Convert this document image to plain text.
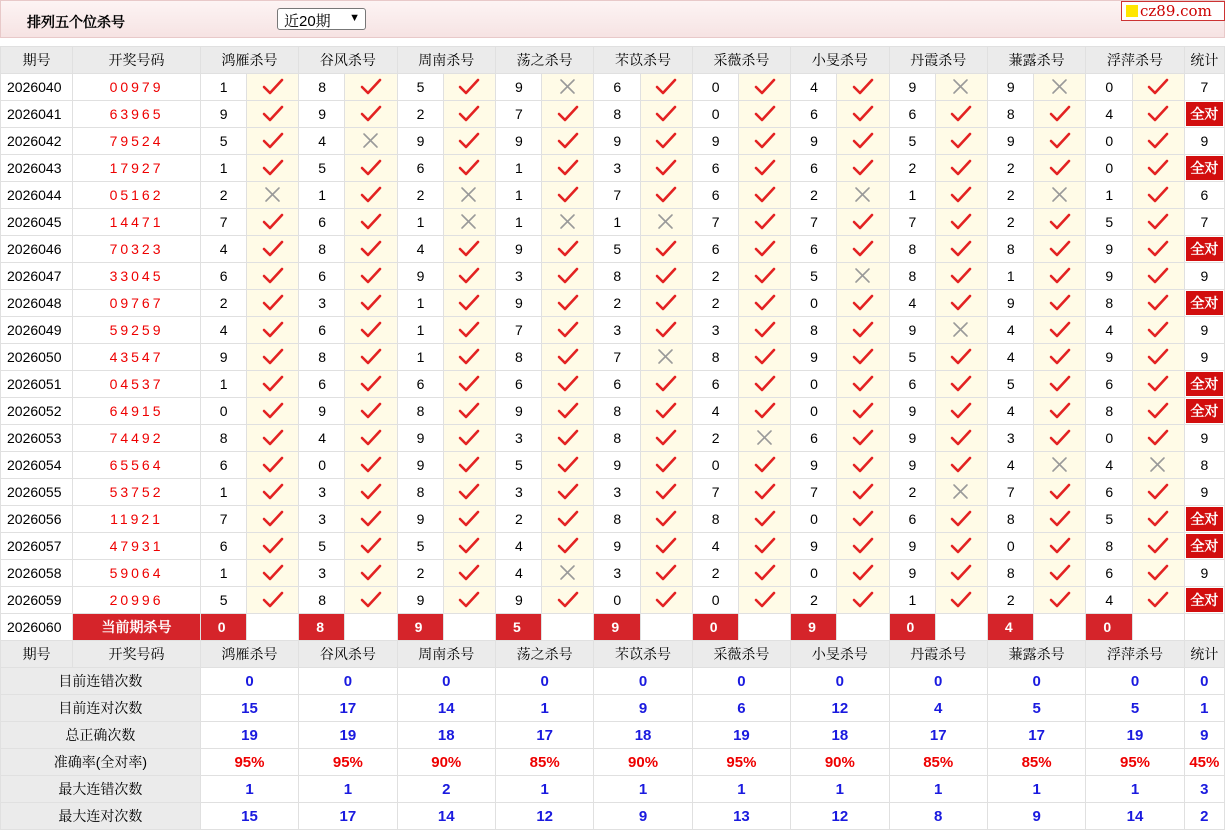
排列五个位杀号	近20期 ▼	cz89.com
期号	开奖号码	鸿雁杀号		谷风杀号		周南杀号		荡之杀号		芣苡杀号		采薇杀号		小旻杀号		丹霞杀号		蒹露杀号		浮萍杀号		统计
2026040	00979	1		8		5		9		6		0		4		9		9		0		7
2026041	63965	9		9		2		7		8		0		6		6		8		4		全对
2026042	79524	5		4		9		9		9		9		9		5		9		0		9
2026043	17927	1		5		6		1		3		6		6		2		2		0		全对
2026044	05162	2		1		2		1		7		6		2		1		2		1		6
2026045	14471	7		6		1		1		1		7		7		7		2		5		7
2026046	70323	4		8		4		9		5		6		6		8		8		9		全对
2026047	33045	6		6		9		3		8		2		5		8		1		9		9
2026048	09767	2		3		1		9		2		2		0		4		9		8		全对
2026049	59259	4		6		1		7		3		3		8		9		4		4		9
2026050	43547	9		8		1		8		7		8		9		5		4		9		9
2026051	04537	1		6		6		6		6		6		0		6		5		6		全对
2026052	64915	0		9		8		9		8		4		0		9		4		8		全对
2026053	74492	8		4		9		3		8		2		6		9		3		0		9
2026054	65564	6		0		9		5		9		0		9		9		4		4		8
2026055	53752	1		3		8		3		3		7		7		2		7		6		9
2026056	11921	7		3		9		2		8		8		0		6		8		5		全对
2026057	47931	6		5		5		4		9		4		9		9		0		8		全对
2026058	59064	1		3		2		4		3		2		0		9		8		6		9
2026059	20996	5		8		9		9		0		0		2		1		2		4		全对
2026060	当前期杀号	0		8		9		5		9		0		9		0		4		0		
期号	开奖号码	鸿雁杀号		谷风杀号		周南杀号		荡之杀号		芣苡杀号		采薇杀号		小旻杀号		丹霞杀号		蒹露杀号		浮萍杀号		统计
目前连错次数		0		0		0		0		0		0		0		0		0		0		0
目前连对次数		15		17		14		1		9		6		12		4		5		5		1
总正确次数		19		19		18		17		18		19		18		17		17		19		9
准确率(全对率)		95%		95%		90%		85%		90%		95%		90%		85%		85%		95%		45%
最大连错次数		1		1		2		1		1		1		1		1		1		1		3
最大连对次数		15		17		14		12		9		13		12		8		9		14		2
